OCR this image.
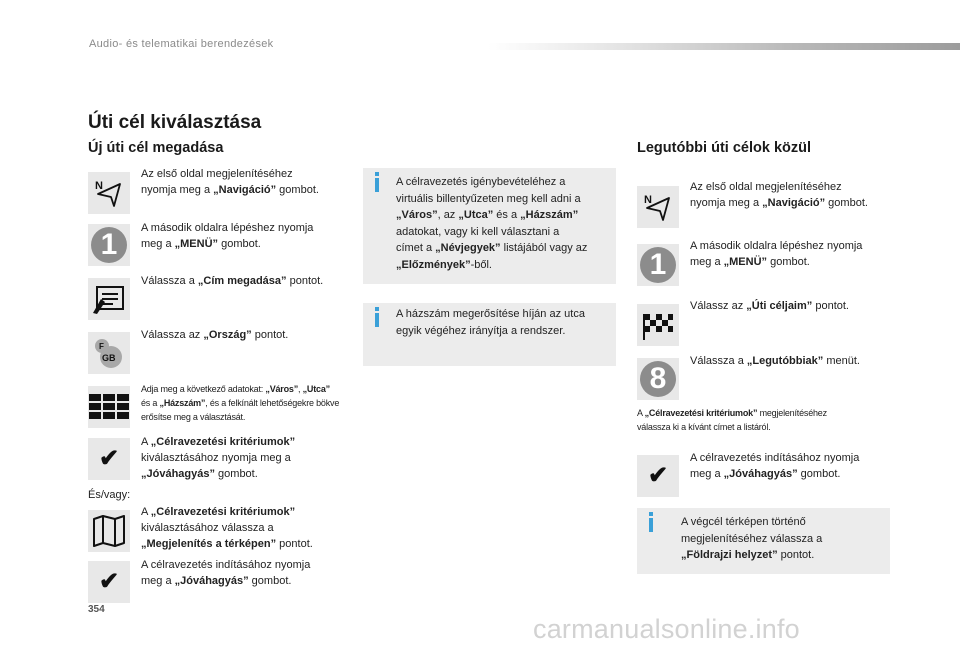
Audio- és telematikai berendezések
Úti cél kiválasztása
Új úti cél megadása
N
Az első oldal megjelenítéséhez
nyomja meg a „Navigáció” gombot.
1	A második oldalra lépéshez nyomja
meg a „MENÜ” gombot.
Válassza a „Cím megadása” pontot.
GB
F
Válassza az „Ország” pontot.
Adja meg a következő adatokat: „Város”, „Utca”
és a „Házszám”, és a felkínált lehetőségekre bökve
erősítse meg a választását.
✔
A „Célravezetési kritériumok”
kiválasztásához nyomja meg a
„Jóváhagyás” gombot.
És/vagy:
A „Célravezetési kritériumok”
kiválasztásához válassza a
„Megjelenítés a térképen” pontot.
✔
A célravezetés indításához nyomja
meg a „Jóváhagyás” gombot.
A célravezetés igénybevételéhez a
virtuális billentyűzeten meg kell adni a
„Város”, az „Utca” és a „Házszám”
adatokat, vagy ki kell választani a
címet a „Névjegyek” listájából vagy az
„Előzmények”-ből.
A házszám megerősítése híján az utca
egyik végéhez irányítja a rendszer.
Legutóbbi úti célok közül
N
Az első oldal megjelenítéséhez
nyomja meg a „Navigáció” gombot.
1
A második oldalra lépéshez nyomja
meg a „MENÜ” gombot.
Válassz az „Úti céljaim” pontot.
8
Válassza a „Legutóbbiak” menüt.
A „Célravezetési kritériumok” megjelenítéséhez
válassza ki a kívánt címet a listáról.
✔
A célravezetés indításához nyomja
meg a „Jóváhagyás” gombot.
A végcél térképen történő
megjelenítéséhez válassza a
„Földrajzi helyzet” pontot.
354
carmanualsonline.info
